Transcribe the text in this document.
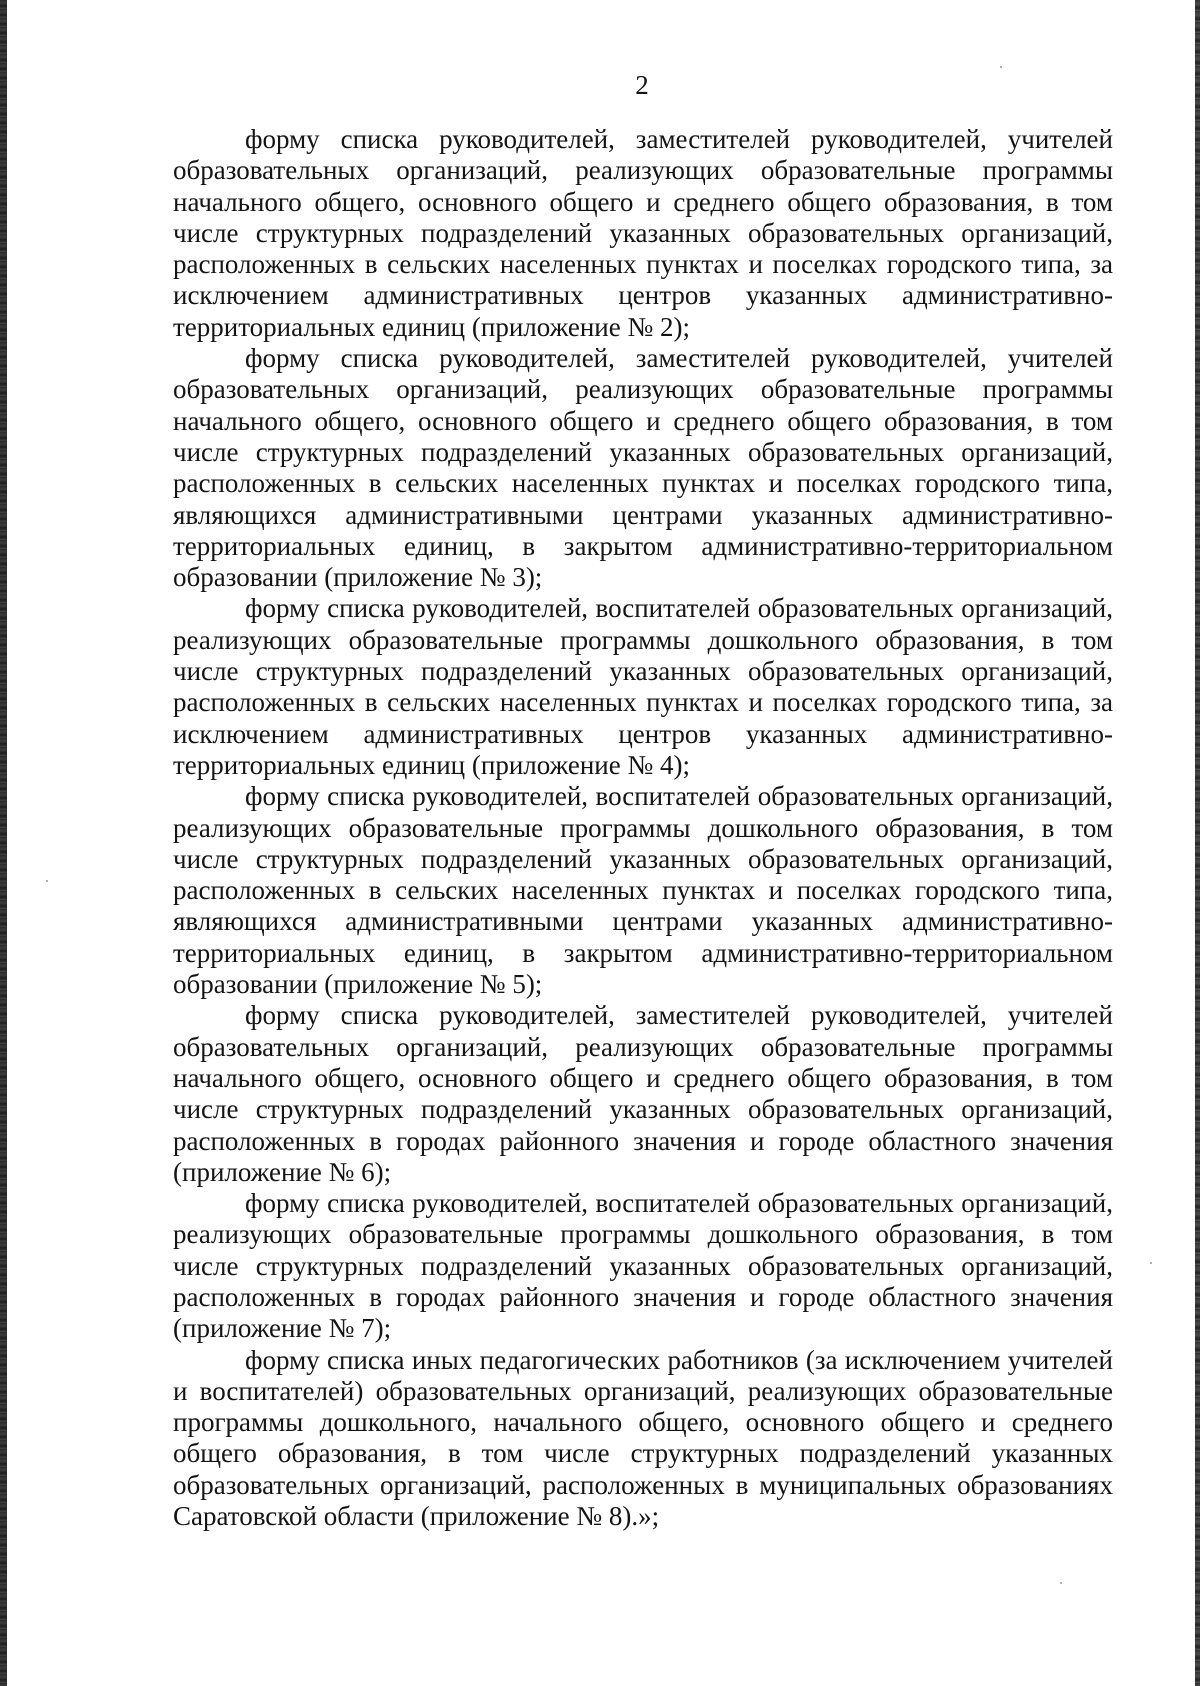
2

форму списка руководителей, заместителей руководителей, учителей образовательных организаций, реализующих образовательные программы начального общего, основного общего и среднего общего образования, в том числе структурных подразделений указанных образовательных организаций, расположенных в сельских населенных пунктах и поселках городского типа, за исключением административных центров указанных административно-территориальных единиц (приложение № 2);

форму списка руководителей, заместителей руководителей, учителей образовательных организаций, реализующих образовательные программы начального общего, основного общего и среднего общего образования, в том числе структурных подразделений указанных образовательных организаций, расположенных в сельских населенных пунктах и поселках городского типа, являющихся административными центрами указанных административно-территориальных единиц, в закрытом административно-территориальном образовании (приложение № 3);

форму списка руководителей, воспитателей образовательных организаций, реализующих образовательные программы дошкольного образования, в том числе структурных подразделений указанных образовательных организаций, расположенных в сельских населенных пунктах и поселках городского типа, за исключением административных центров указанных административно-территориальных единиц (приложение № 4);

форму списка руководителей, воспитателей образовательных организаций, реализующих образовательные программы дошкольного образования, в том числе структурных подразделений указанных образовательных организаций, расположенных в сельских населенных пунктах и поселках городского типа, являющихся административными центрами указанных административно-территориальных единиц, в закрытом административно-территориальном образовании (приложение № 5);

форму списка руководителей, заместителей руководителей, учителей образовательных организаций, реализующих образовательные программы начального общего, основного общего и среднего общего образования, в том числе структурных подразделений указанных образовательных организаций, расположенных в городах районного значения и городе областного значения (приложение № 6);

форму списка руководителей, воспитателей образовательных организаций, реализующих образовательные программы дошкольного образования, в том числе структурных подразделений указанных образовательных организаций, расположенных в городах районного значения и городе областного значения (приложение № 7);

форму списка иных педагогических работников (за исключением учителей и воспитателей) образовательных организаций, реализующих образовательные программы дошкольного, начального общего, основного общего и среднего общего образования, в том числе структурных подразделений указанных образовательных организаций, расположенных в муниципальных образованиях Саратовской области (приложение № 8).»;
